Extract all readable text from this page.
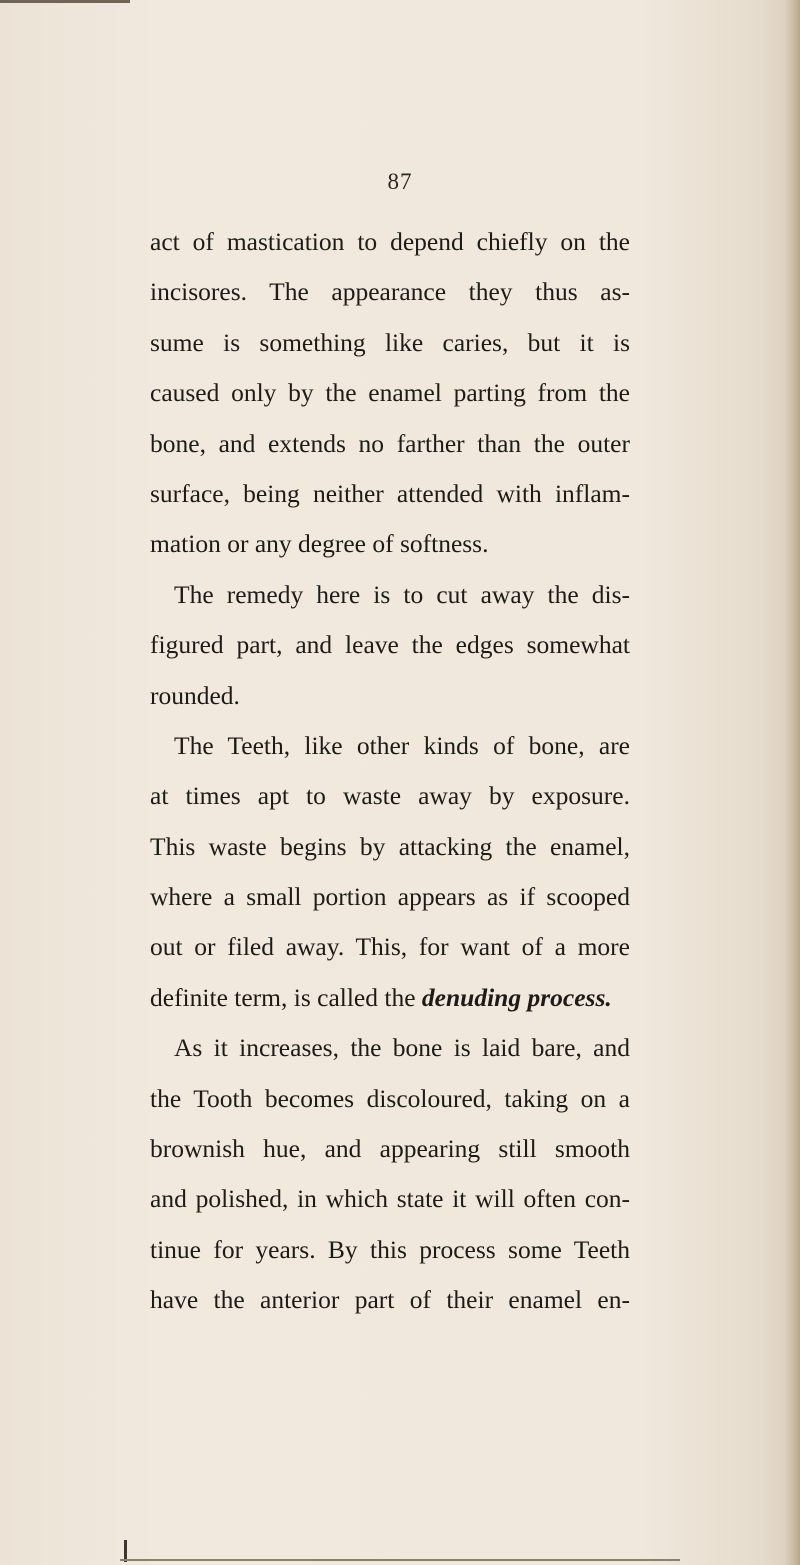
87
act of mastication to depend chiefly on the
incisores. The appearance they thus as-
sume is something like caries, but it is
caused only by the enamel parting from the
bone, and extends no farther than the outer
surface, being neither attended with inflam-
mation or any degree of softness.
The remedy here is to cut away the dis-
figured part, and leave the edges somewhat
rounded.
The Teeth, like other kinds of bone, are
at times apt to waste away by exposure.
This waste begins by attacking the enamel,
where a small portion appears as if scooped
out or filed away. This, for want of a more
definite term, is called the denuding process.
As it increases, the bone is laid bare, and
the Tooth becomes discoloured, taking on a
brownish hue, and appearing still smooth
and polished, in which state it will often con-
tinue for years. By this process some Teeth
have the anterior part of their enamel en-
